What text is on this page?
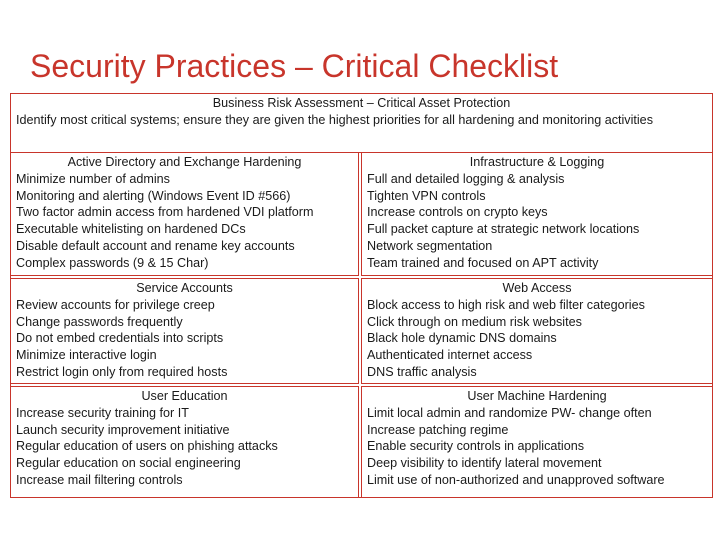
Security Practices – Critical Checklist
Business Risk Assessment – Critical Asset Protection
Identify most critical systems; ensure they are given the highest priorities for all hardening and monitoring activities
Active Directory and Exchange Hardening
Minimize number of admins
Monitoring and alerting (Windows Event ID #566)
Two factor admin access from hardened VDI platform
Executable whitelisting on hardened DCs
Disable default account and rename key accounts
Complex passwords (9 & 15 Char)
Infrastructure & Logging
Full and detailed logging & analysis
Tighten VPN controls
Increase controls on crypto keys
Full packet capture at strategic network locations
Network segmentation
Team trained and focused on APT activity
Service Accounts
Review accounts for privilege creep
Change passwords frequently
Do not embed credentials into scripts
Minimize interactive login
Restrict login only from required hosts
Web Access
Block access to high risk and web filter categories
Click through on medium risk websites
Black hole dynamic DNS domains
Authenticated internet access
DNS traffic analysis
User Education
Increase security training for IT
Launch security improvement initiative
Regular education of users on phishing attacks
Regular education on social engineering
Increase mail filtering controls
User Machine Hardening
Limit local admin and randomize PW- change often
Increase patching regime
Enable security controls in applications
Deep visibility to identify lateral movement
Limit use of non-authorized and unapproved software
